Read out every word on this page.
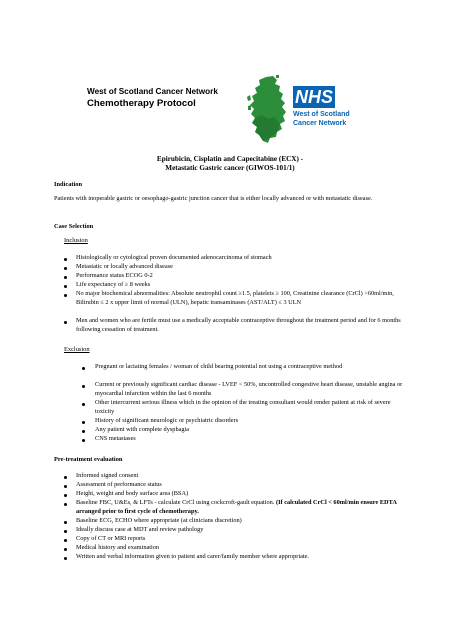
West of Scotland Cancer Network
Chemotherapy Protocol	NHS
West of Scotland
Cancer Network
Epirubicin, Cisplatin and Capecitabine (ECX) -
Metastatic Gastric cancer (GIWOS-101/1)
Indication
Patients with inoperable gastric or oesophago-gastric junction cancer that is either locally advanced or with metastatic disease.
Case Selection
Inclusion
Histologically or cytological proven documented adenocarcinoma of stomach
Metastatic or locally advanced disease
Performance status ECOG 0-2
Life expectancy of ≥ 8 weeks
No major biochemical abnormalities: Absolute neutrophil count ≥1.5, platelets ≥ 100, Creatinine clearance (CrCl) >60ml/min, Bilirubin ≤ 2 x upper limit of normal (ULN), hepatic transaminases (AST/ALT) ≤ 3 ULN
Men and women who are fertile must use a medically acceptable contraceptive throughout the treatment period and for 6 months following cessation of treatment.
Exclusion
Pregnant or lactating females / woman of child bearing potential not using a contraceptive method
Current or previously significant cardiac disease - LVEF < 50%, uncontrolled congestive heart disease, unstable angina or myocardial infarction within the last 6 months
Other intercurrent serious illness which in the opinion of the treating consultant would render patient at risk of severe toxicity
History of significant neurologic or psychiatric disorders
Any patient with complete dysphagia
CNS metastases
Pre-treatment evaluation
Informed signed consent
Assessment of performance status
Height, weight and body surface area (BSA)
Baseline FBC, U&Es, & LFTs - calculate CrCl using cockcroft-gault equation. (If calculated CrCl < 60ml/min ensure EDTA arranged prior to first cycle of chemotherapy.
Baseline ECG, ECHO where appropriate (at clinicians discretion)
Ideally discuss case at MDT and review pathology
Copy of CT or MRI reports
Medical history and examination
Written and verbal information given to patient and carer/family member where appropriate.
